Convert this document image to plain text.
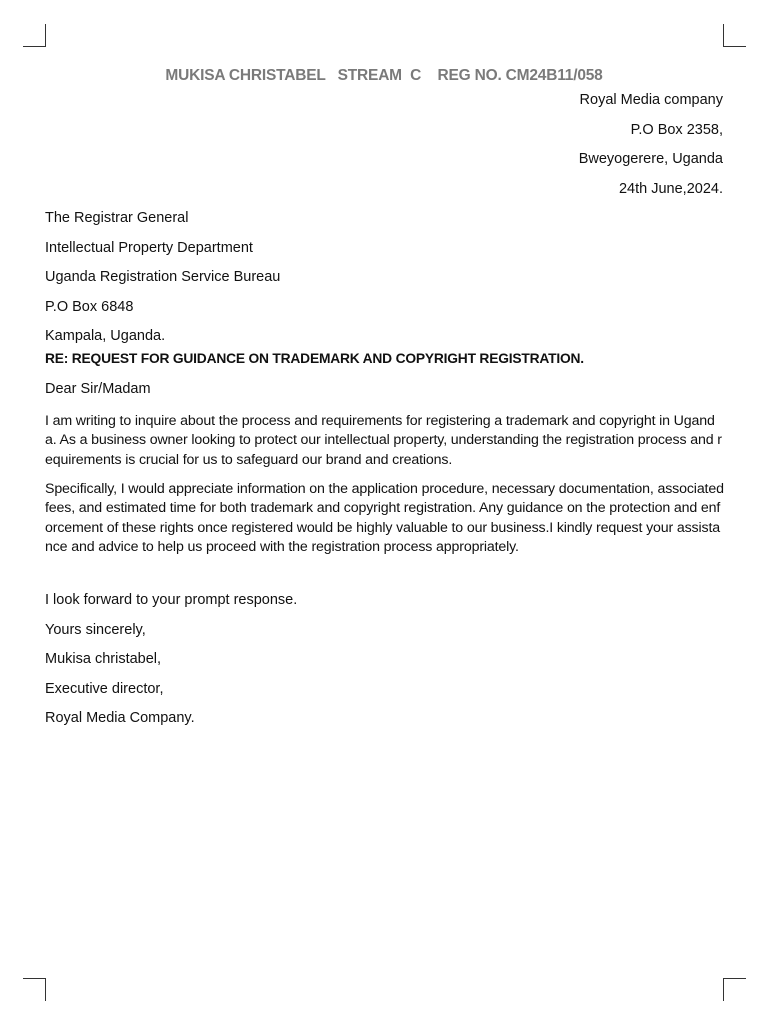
MUKISA CHRISTABEL   STREAM  C    REG NO. CM24B11/058
Royal Media company
P.O Box 2358,
Bweyogerere, Uganda
24th June,2024.
The Registrar General
Intellectual Property Department
Uganda Registration Service Bureau
P.O Box 6848
Kampala, Uganda.
RE: REQUEST FOR GUIDANCE ON TRADEMARK AND COPYRIGHT REGISTRATION.
Dear Sir/Madam
I am writing to inquire about the process and requirements for registering a trademark and copyright in Uganda. As a business owner looking to protect our intellectual property, understanding the registration process and requirements is crucial for us to safeguard our brand and creations.
Specifically, I would appreciate information on the application procedure, necessary documentation, associated fees, and estimated time for both trademark and copyright registration. Any guidance on the protection and enforcement of these rights once registered would be highly valuable to our business.I kindly request your assistance and advice to help us proceed with the registration process appropriately.
I look forward to your prompt response.
Yours sincerely,
Mukisa christabel,
Executive director,
Royal Media Company.
